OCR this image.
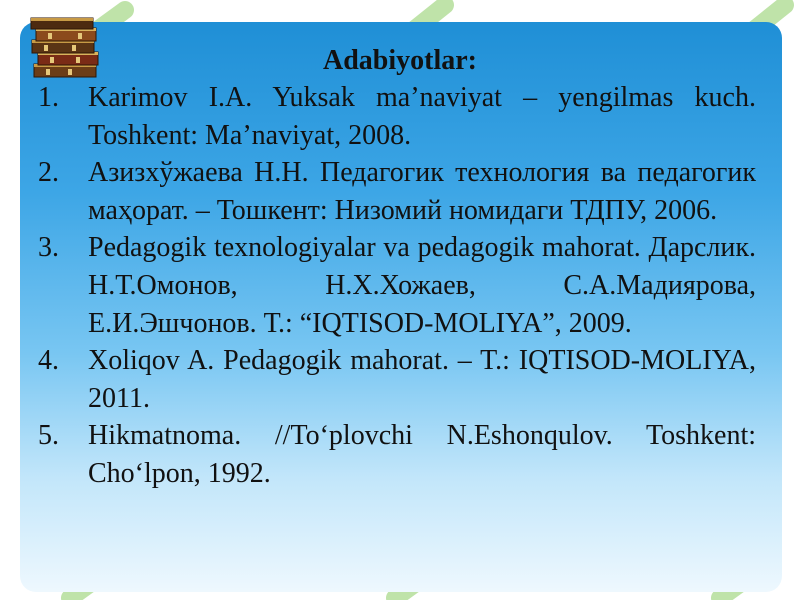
Adabiyotlar:
1.	Karimov I.A. Yuksak ma’naviyat – yengilmas kuch. Toshkent: Ma’naviyat, 2008.
2.	Азизхўжаева Н.Н. Педагогик технология ва педагогик маҳорат. – Тошкент: Низомий номидаги ТДПУ, 2006.
3.	Pedagogik texnologiyalar va pedagogik mahorat. Дарслик. Н.Т.Омонов, Н.Х.Хожаев, С.А.Мадиярова, Е.И.Эшчонов. Т.: “IQTISOD-MOLIYA”, 2009.
4.	Xoliqov A. Pedagogik mahorat. – T.: IQTISOD-MOLIYA, 2011.
5.	Hikmatnoma. //To‘plovchi N.Eshonqulov. Toshkent: Cho‘lpon, 1992.
